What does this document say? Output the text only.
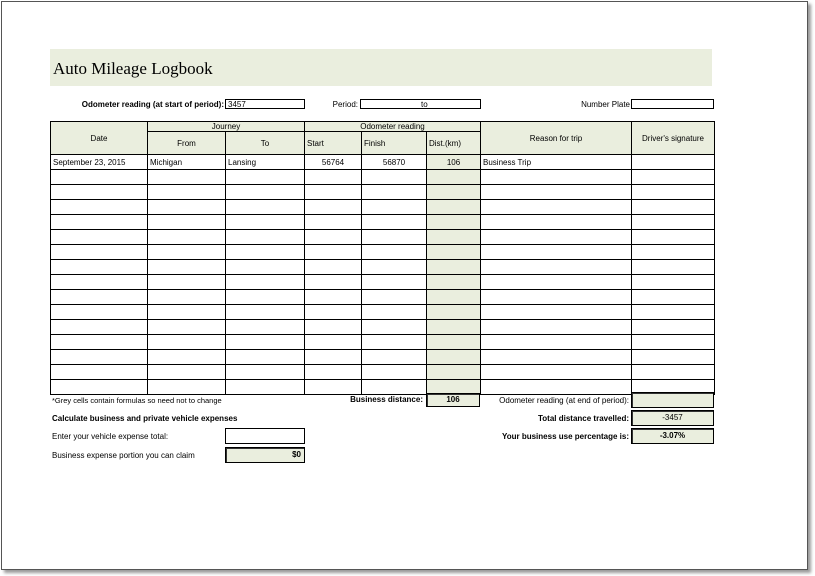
Auto Mileage Logbook
Odometer reading (at start of period): 3457	Period:	to	Number Plate
Date	Journey		Odometer reading			Reason for trip	Driver's signature
	From	To	Start	Finish	Dist.(km)		
September 23, 2015	Michigan	Lansing	56764	56870	106	Business Trip	

*Grey cells contain formulas so need not to change	Business distance:	106	Odometer reading (at end of period):
Calculate business and private vehicle expenses	Total distance travelled:	-3457
Enter your vehicle expense total:	Your business use percentage is:	-3.07%
Business expense portion you can claim	$0
